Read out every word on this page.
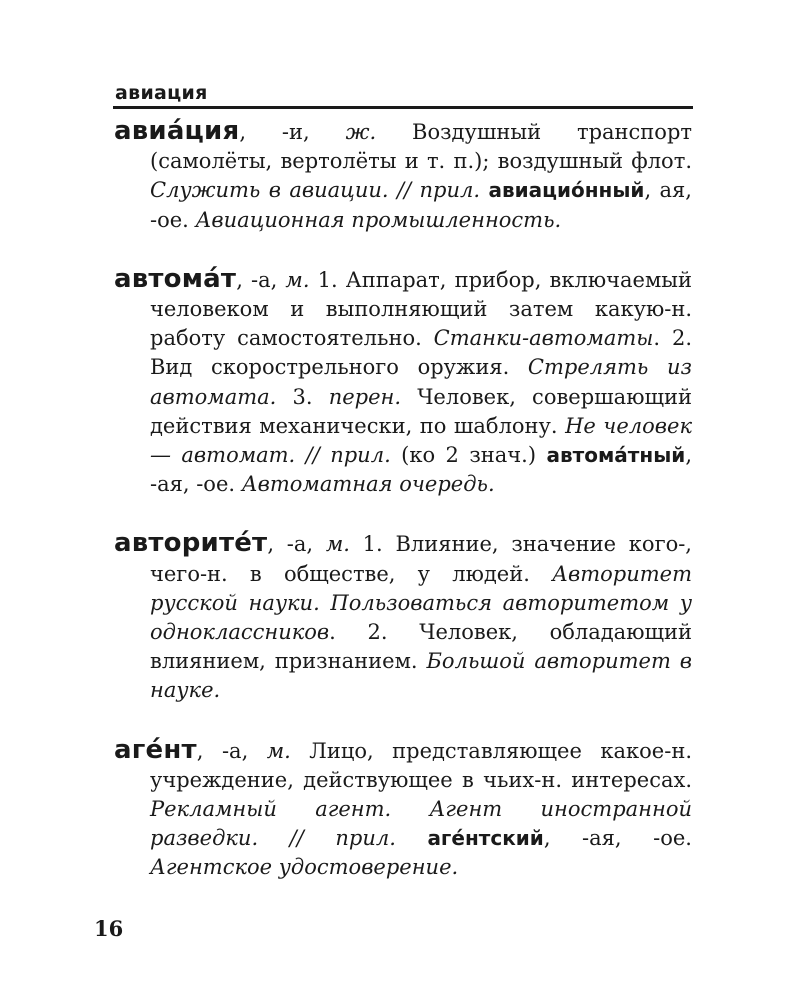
авиация

авиа́ция, -и, ж. Воздушный транспорт (самолёты, вертолёты и т. п.); воздушный флот. Служить в авиации. // прил. авиацио́нный, ая, -ое. Авиационная промышленность.

автома́т, -а, м. 1. Аппарат, прибор, включаемый человеком и выполняющий затем какую-н. работу самостоятельно. Станки-автоматы. 2. Вид скорострельного оружия. Стрелять из автомата. 3. перен. Человек, совершающий действия механически, по шаблону. Не человек — автомат. // прил. (ко 2 знач.) автома́тный, -ая, -ое. Автоматная очередь.

авторите́т, -а, м. 1. Влияние, значение кого-, чего-н. в обществе, у людей. Авторитет русской науки. Пользоваться авторитетом у одноклассников. 2. Человек, обладающий влиянием, признанием. Большой авторитет в науке.

аге́нт, -а, м. Лицо, представляющее какое-н. учреждение, действующее в чьих-н. интересах. Рекламный агент. Агент иностранной разведки. // прил. аге́нтский, -ая, -ое. Агентское удостоверение.

16
